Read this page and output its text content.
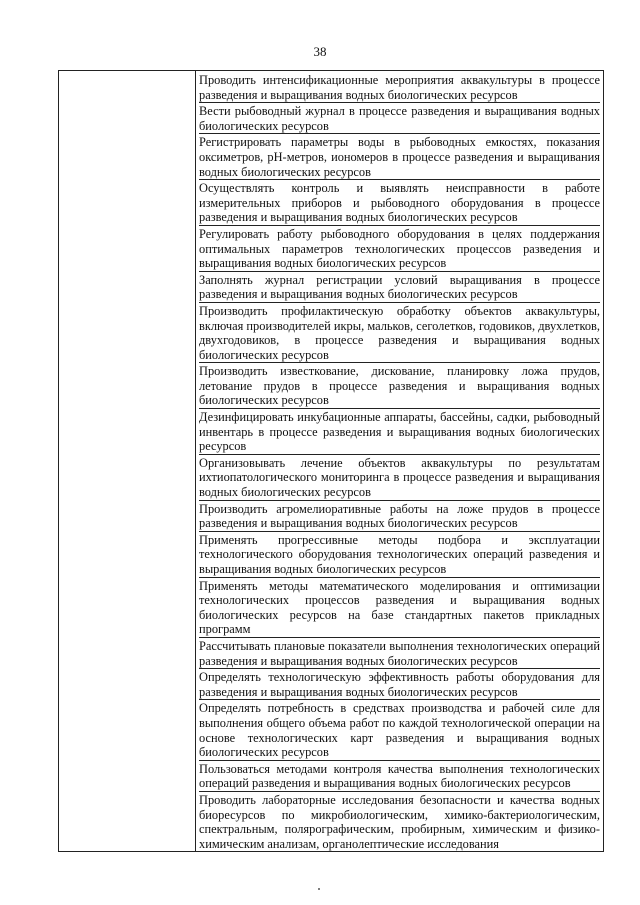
38

Проводить интенсификационные мероприятия аквакультуры в процессе разведения и выращивания водных биологических ресурсов
Вести рыбоводный журнал в процессе разведения и выращивания водных биологических ресурсов
Регистрировать параметры воды в рыбоводных емкостях, показания оксиметров, рН-метров, иономеров в процессе разведения и выращивания водных биологических ресурсов
Осуществлять контроль и выявлять неисправности в работе измерительных приборов и рыбоводного оборудования в процессе разведения и выращивания водных биологических ресурсов
Регулировать работу рыбоводного оборудования в целях поддержания оптимальных параметров технологических процессов разведения и выращивания водных биологических ресурсов
Заполнять журнал регистрации условий выращивания в процессе разведения и выращивания водных биологических ресурсов
Производить профилактическую обработку объектов аквакультуры, включая производителей икры, мальков, сеголетков, годовиков, двухлетков, двухгодовиков, в процессе разведения и выращивания водных биологических ресурсов
Производить известкование, дискование, планировку ложа прудов, летование прудов в процессе разведения и выращивания водных биологических ресурсов
Дезинфицировать инкубационные аппараты, бассейны, садки, рыбоводный инвентарь в процессе разведения и выращивания водных биологических ресурсов
Организовывать лечение объектов аквакультуры по результатам ихтиопатологического мониторинга в процессе разведения и выращивания водных биологических ресурсов
Производить агромелиоративные работы на ложе прудов в процессе разведения и выращивания водных биологических ресурсов
Применять прогрессивные методы подбора и эксплуатации технологического оборудования технологических операций разведения и выращивания водных биологических ресурсов
Применять методы математического моделирования и оптимизации технологических процессов разведения и выращивания водных биологических ресурсов на базе стандартных пакетов прикладных программ
Рассчитывать плановые показатели выполнения технологических операций разведения и выращивания водных биологических ресурсов
Определять технологическую эффективность работы оборудования для разведения и выращивания водных биологических ресурсов
Определять потребность в средствах производства и рабочей силе для выполнения общего объема работ по каждой технологической операции на основе технологических карт разведения и выращивания водных биологических ресурсов
Пользоваться методами контроля качества выполнения технологических операций разведения и выращивания водных биологических ресурсов
Проводить лабораторные исследования безопасности и качества водных биоресурсов по микробиологическим, химико-бактериологическим, спектральным, полярографическим, пробирным, химическим и физико-химическим анализам, органолептические исследования
